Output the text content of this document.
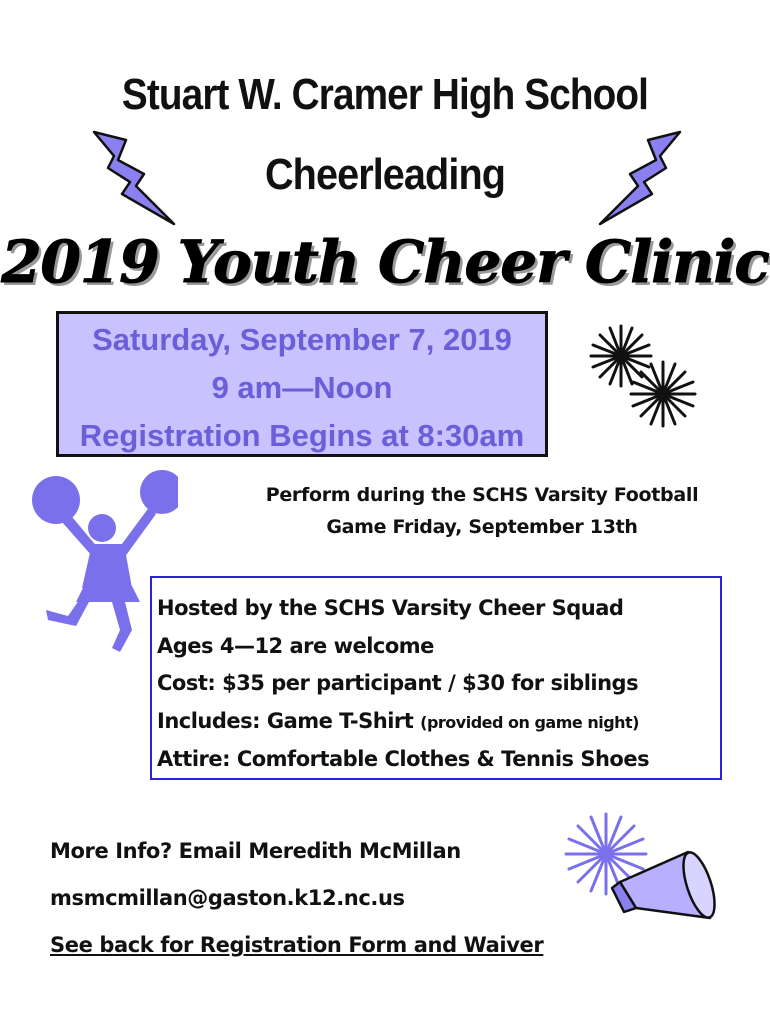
Stuart W. Cramer High School
Cheerleading
2019 Youth Cheer Clinic
Saturday, September 7, 2019
9 am—Noon
Registration Begins at 8:30am
Perform during the SCHS Varsity Football
Game Friday, September 13th
Hosted by the SCHS Varsity Cheer Squad
Ages 4—12 are welcome
Cost: $35 per participant / $30 for siblings
Includes: Game T-Shirt (provided on game night)
Attire: Comfortable Clothes & Tennis Shoes
More Info? Email Meredith McMillan
msmcmillan@gaston.k12.nc.us
See back for Registration Form and Waiver
